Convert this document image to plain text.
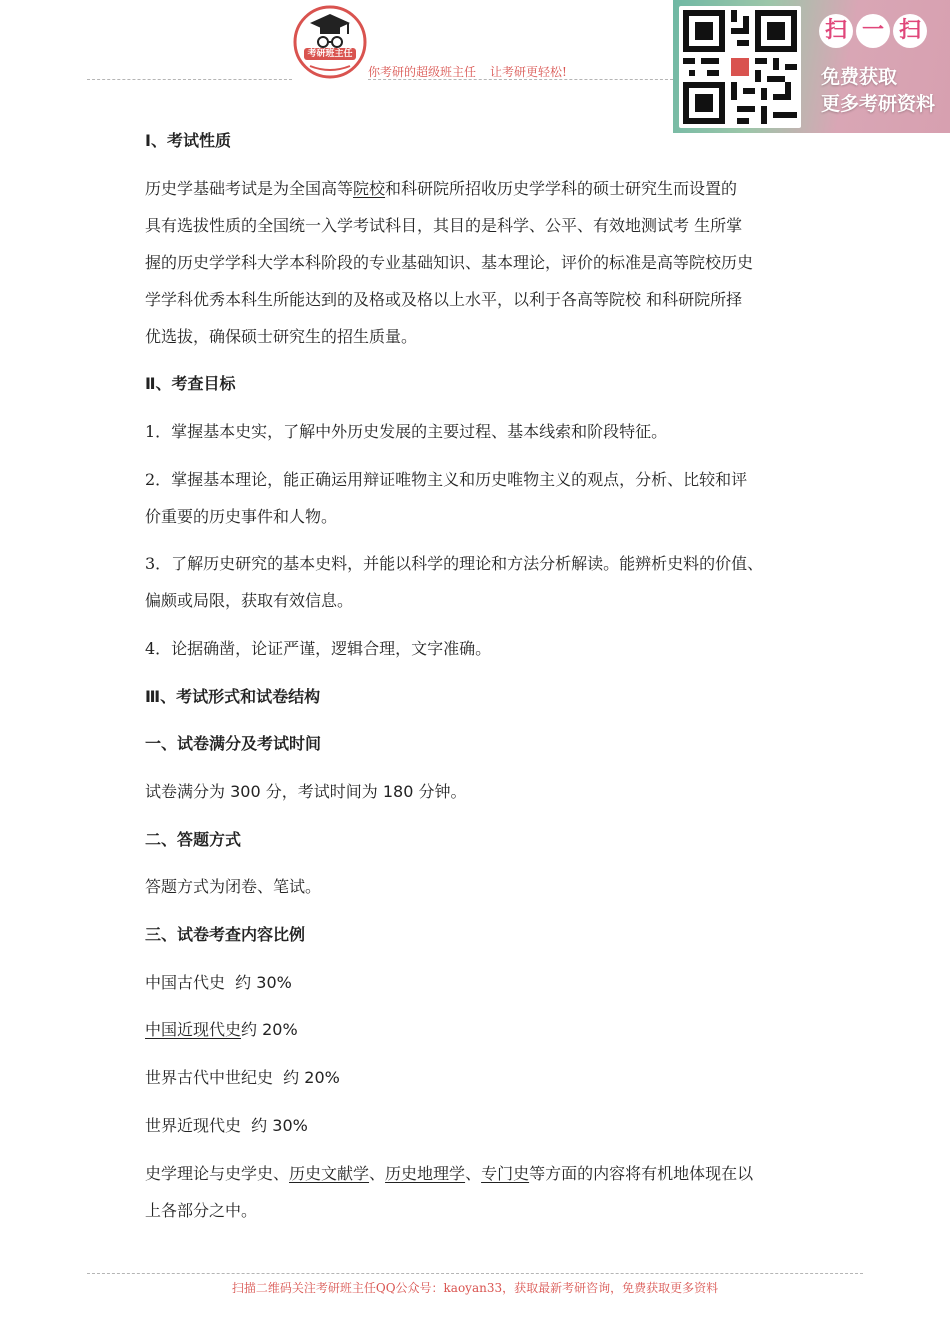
考研班主任
你考研的超级班主任 让考研更轻松!
扫 一 扫
免费获取
更多考研资料
Ⅰ、考试性质
历史学基础考试是为全国高等院校和科研院所招收历史学学科的硕士研究生而设置的
具有选拔性质的全国统一入学考试科目，其目的是科学、公平、有效地测试考 生所掌
握的历史学学科大学本科阶段的专业基础知识、基本理论，评价的标准是高等院校历史
学学科优秀本科生所能达到的及格或及格以上水平，以利于各高等院校 和科研院所择
优选拔，确保硕士研究生的招生质量。
Ⅱ、考查目标
1．掌握基本史实，了解中外历史发展的主要过程、基本线索和阶段特征。
2．掌握基本理论，能正确运用辩证唯物主义和历史唯物主义的观点，分析、比较和评
价重要的历史事件和人物。
3．了解历史研究的基本史料，并能以科学的理论和方法分析解读。能辨析史料的价值、
偏颇或局限，获取有效信息。
4．论据确凿，论证严谨，逻辑合理，文字准确。
Ⅲ、考试形式和试卷结构
一、试卷满分及考试时间
试卷满分为 300 分，考试时间为 180 分钟。
二、答题方式
答题方式为闭卷、笔试。
三、试卷考查内容比例
中国古代史  约 30%
中国近现代史约 20%
世界古代中世纪史  约 20%
世界近现代史  约 30%
史学理论与史学史、历史文献学、历史地理学、专门史等方面的内容将有机地体现在以
上各部分之中。
扫描二维码关注考研班主任QQ公众号：kaoyan33，获取最新考研咨询，免费获取更多资料
